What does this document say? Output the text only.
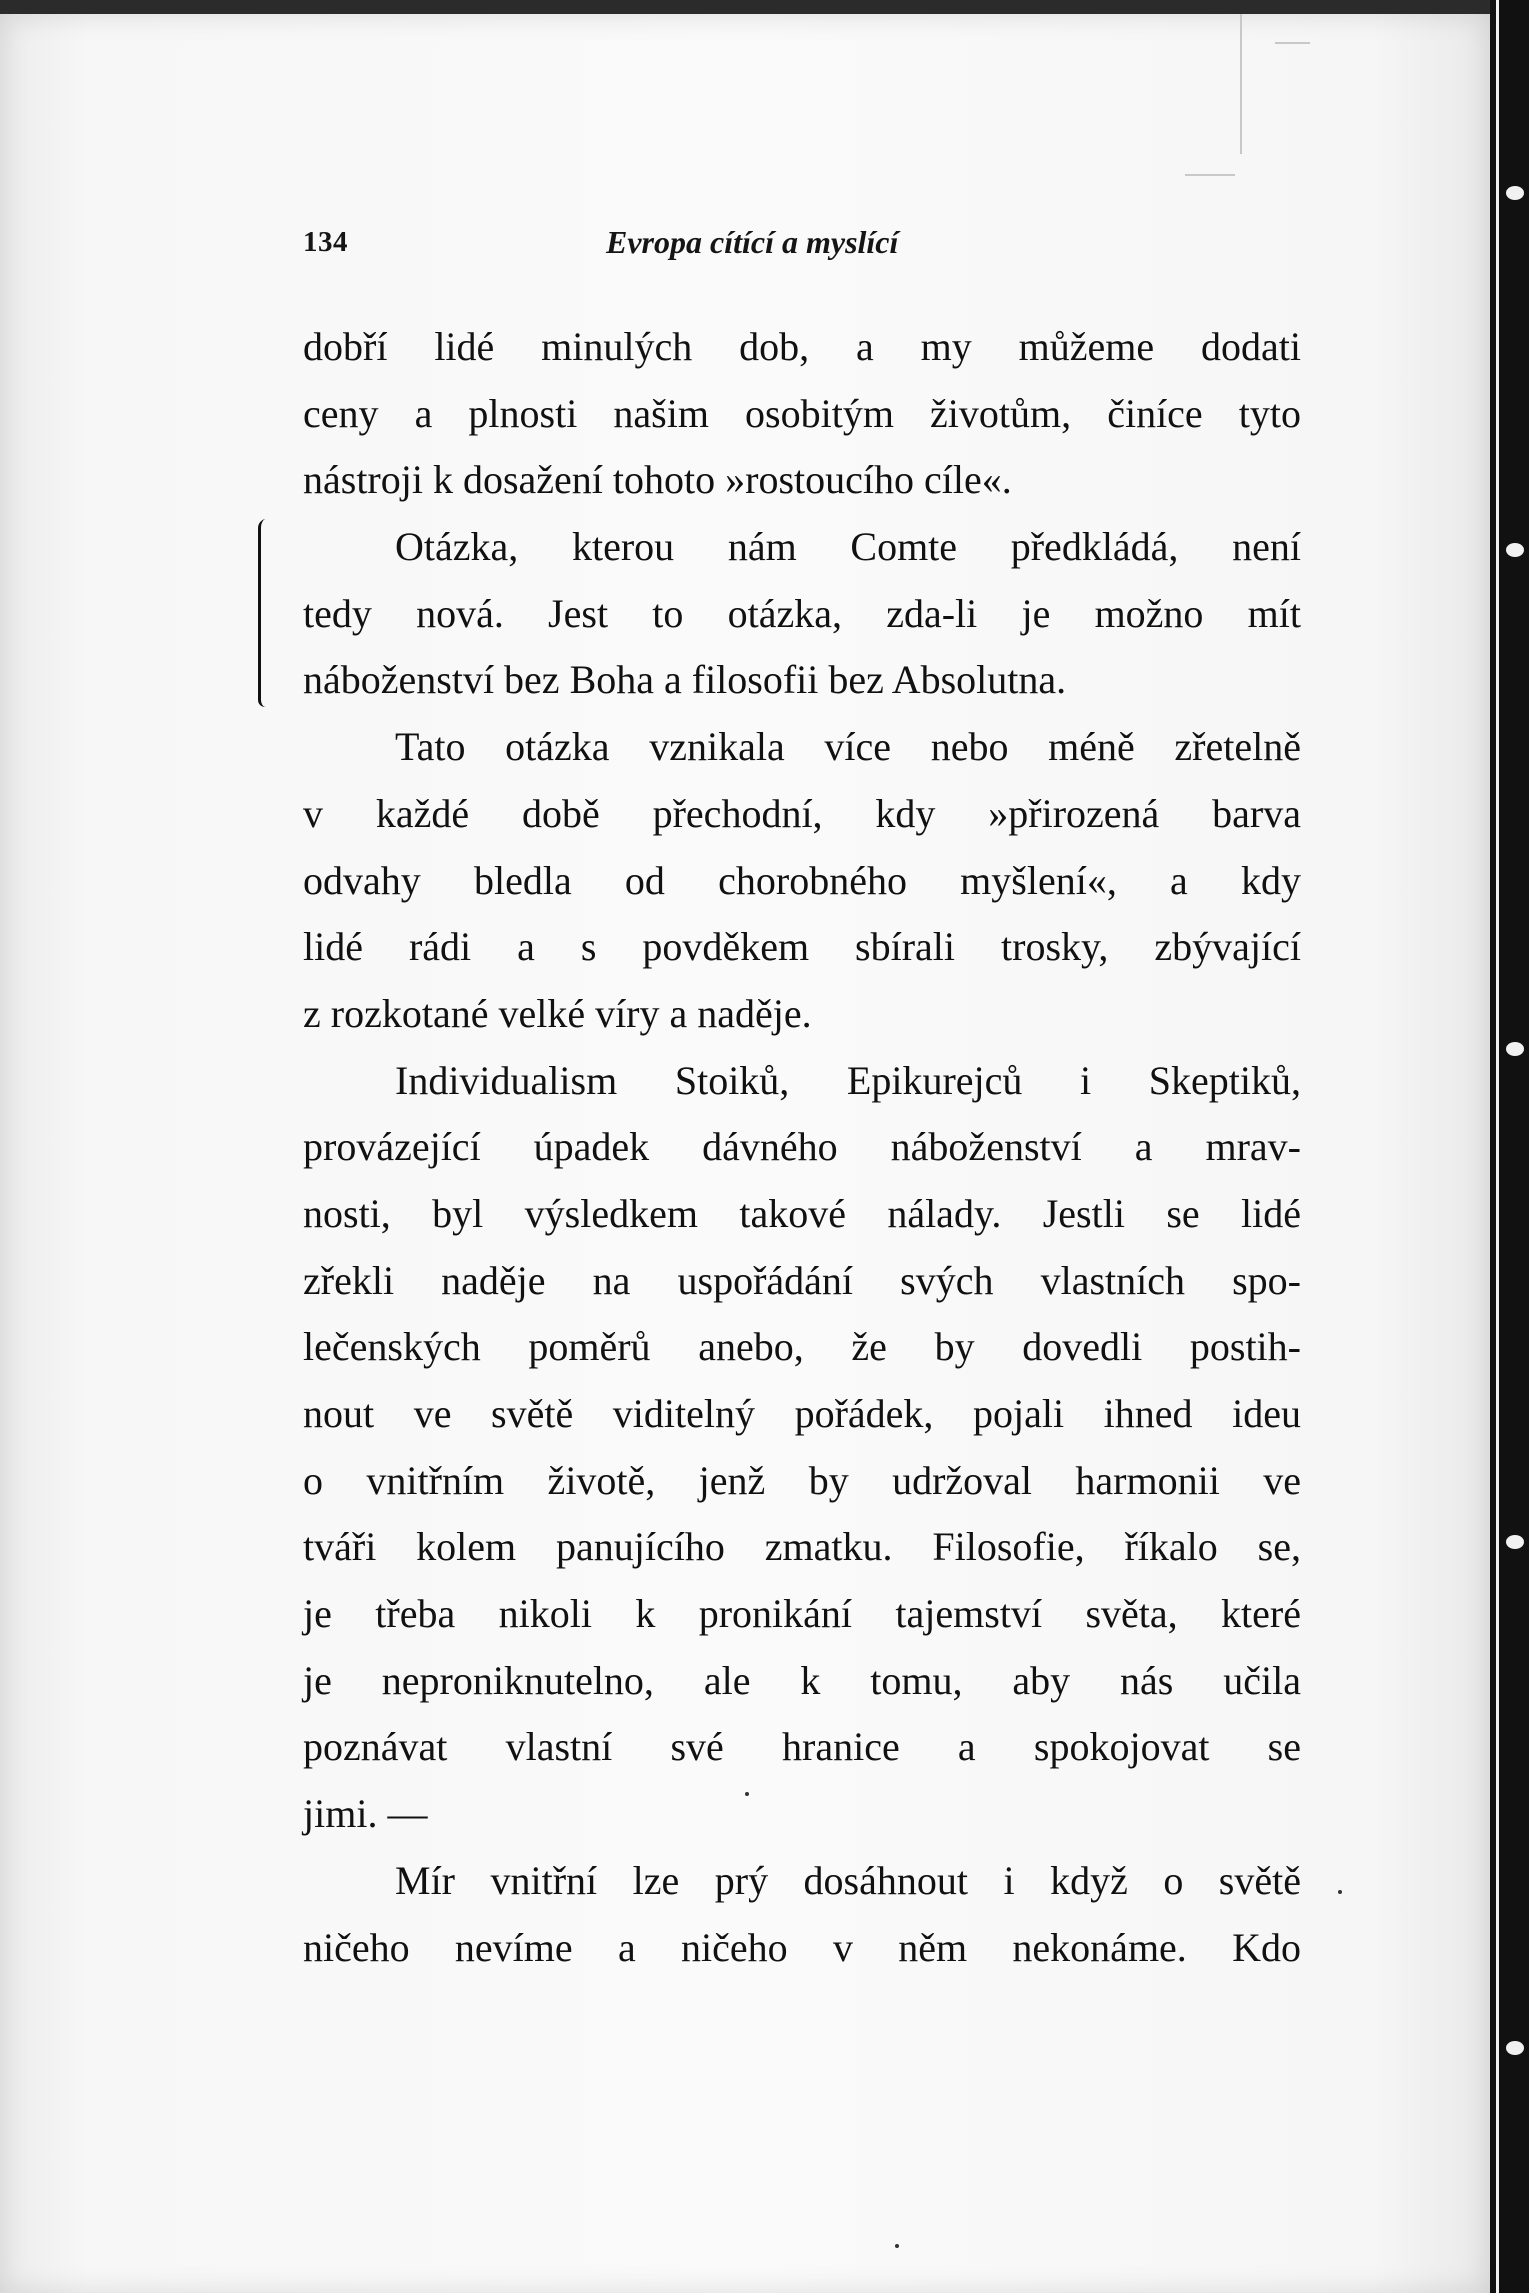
134	Evropa cítící a myslící
dobří lidé minulých dob, a my můžeme dodati
ceny a plnosti našim osobitým životům, činíce tyto
nástroji k dosažení tohoto »rostoucího cíle«.
Otázka, kterou nám Comte předkládá, není
tedy nová. Jest to otázka, zda-li je možno mít
náboženství bez Boha a filosofii bez Absolutna.
Tato otázka vznikala více nebo méně zřetelně
v každé době přechodní, kdy »přirozená barva
odvahy bledla od chorobného myšlení«, a kdy
lidé rádi a s povděkem sbírali trosky, zbývající
z rozkotané velké víry a naděje.
Individualism Stoiků, Epikurejců i Skeptiků,
provázející úpadek dávného náboženství a mrav-
nosti, byl výsledkem takové nálady. Jestli se lidé
zřekli naděje na uspořádání svých vlastních spo-
lečenských poměrů anebo, že by dovedli postih-
nout ve světě viditelný pořádek, pojali ihned ideu
o vnitřním životě, jenž by udržoval harmonii ve
tváři kolem panujícího zmatku. Filosofie, říkalo se,
je třeba nikoli k pronikání tajemství světa, které
je neproniknutelno, ale k tomu, aby nás učila
poznávat vlastní své hranice a spokojovat se
jimi. —
Mír vnitřní lze prý dosáhnout i když o světě
ničeho nevíme a ničeho v něm nekonáme. Kdo
